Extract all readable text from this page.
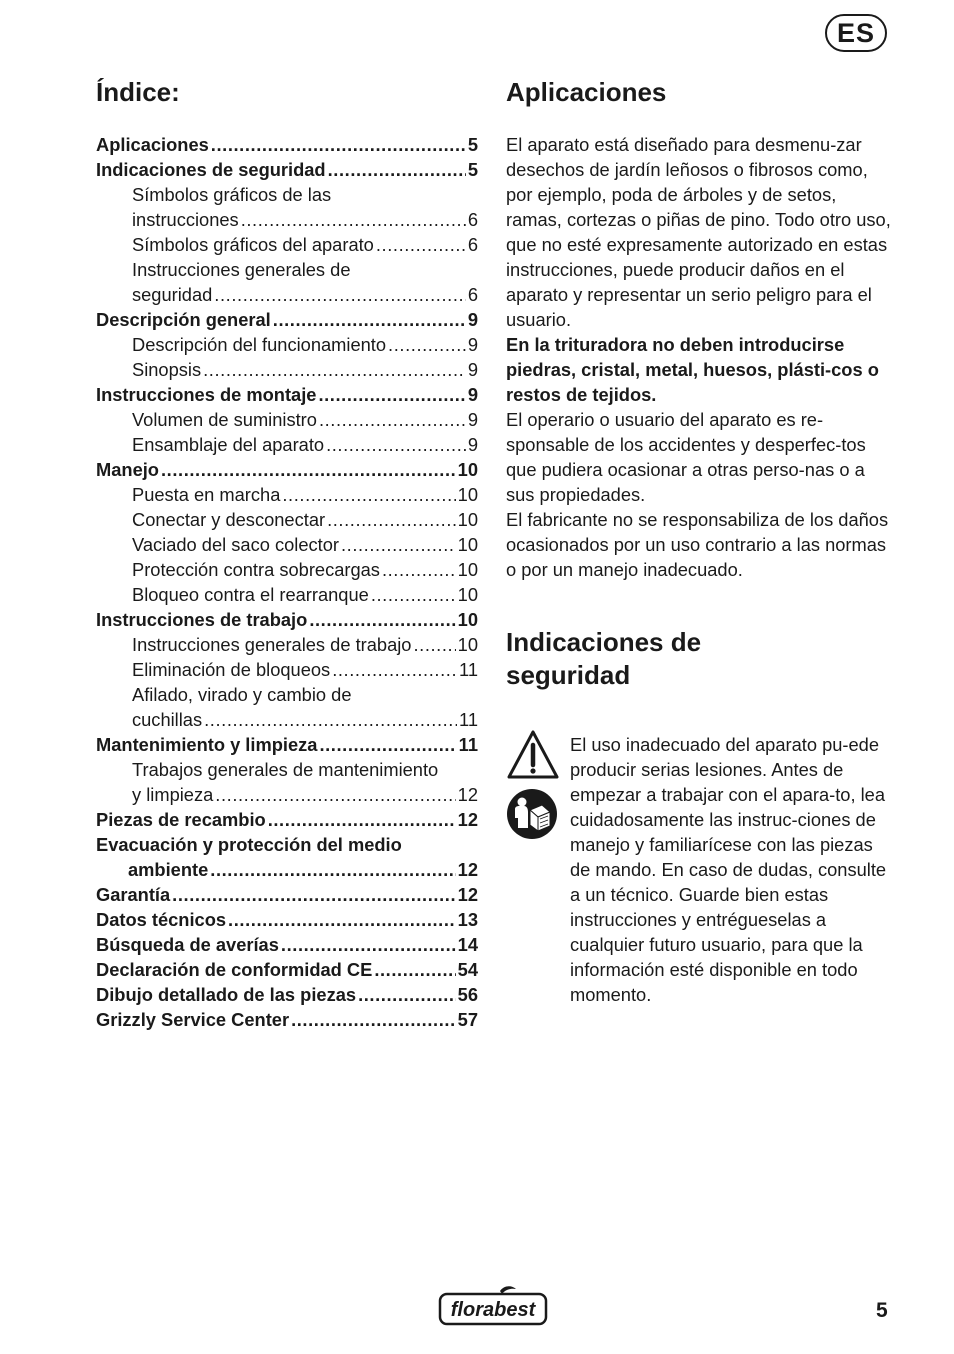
ES
Índice:
Aplicaciones .....	5
Indicaciones de seguridad .....	5
Símbolos gráficos de las
instrucciones .....	6
Símbolos gráficos del aparato .....	6
Instrucciones generales de
seguridad .....	6
Descripción general .....	9
Descripción del funcionamiento .....	9
Sinopsis .....	9
Instrucciones de montaje .....	9
Volumen de suministro .....	9
Ensamblaje del aparato .....	9
Manejo .....	10
Puesta en marcha .....	10
Conectar y desconectar .....	10
Vaciado del saco colector .....	10
Protección contra sobrecargas .....	10
Bloqueo contra el rearranque .....	10
Instrucciones de trabajo .....	10
Instrucciones generales de trabajo .....	10
Eliminación de bloqueos .....	11
Afilado, virado y cambio de
cuchillas .....	11
Mantenimiento y limpieza .....	11
Trabajos generales de mantenimiento
y limpieza .....	12
Piezas de recambio .....	12
Evacuación y protección del medio
ambiente .....	12
Garantía .....	12
Datos técnicos .....	13
Búsqueda de averías .....	14
Declaración de conformidad CE .....	54
Dibujo detallado de las piezas .....	56
Grizzly Service Center .....	57
Aplicaciones

El aparato está diseñado para desmenu-zar desechos de jardín leñosos o fibrosos como, por ejemplo, poda de árboles y de setos, ramas, cortezas o piñas de pino. Todo otro uso, que no esté expresamente autorizado en estas instrucciones, puede producir daños en el aparato y representar un serio peligro para el usuario.

En la trituradora no deben introducirse piedras, cristal, metal, huesos, plásti-cos o restos de tejidos.

El operario o usuario del aparato es re-sponsable de los accidentes y desperfec-tos que pudiera ocasionar a otras perso-nas o a sus propiedades.

El fabricante no se responsabiliza de los daños ocasionados por un uso contrario a las normas o por un manejo inadecuado.

Indicaciones de
seguridad
El uso inadecuado del aparato pu-ede producir serias lesiones. Antes de empezar a trabajar con el apara-to, lea cuidadosamente las instruc-ciones de manejo y familiarícese con las piezas de mando. En caso de dudas, consulte a un técnico. Guarde bien estas instrucciones y entrégueselas a cualquier futuro usuario, para que la información esté disponible en todo momento.
florabest	5
